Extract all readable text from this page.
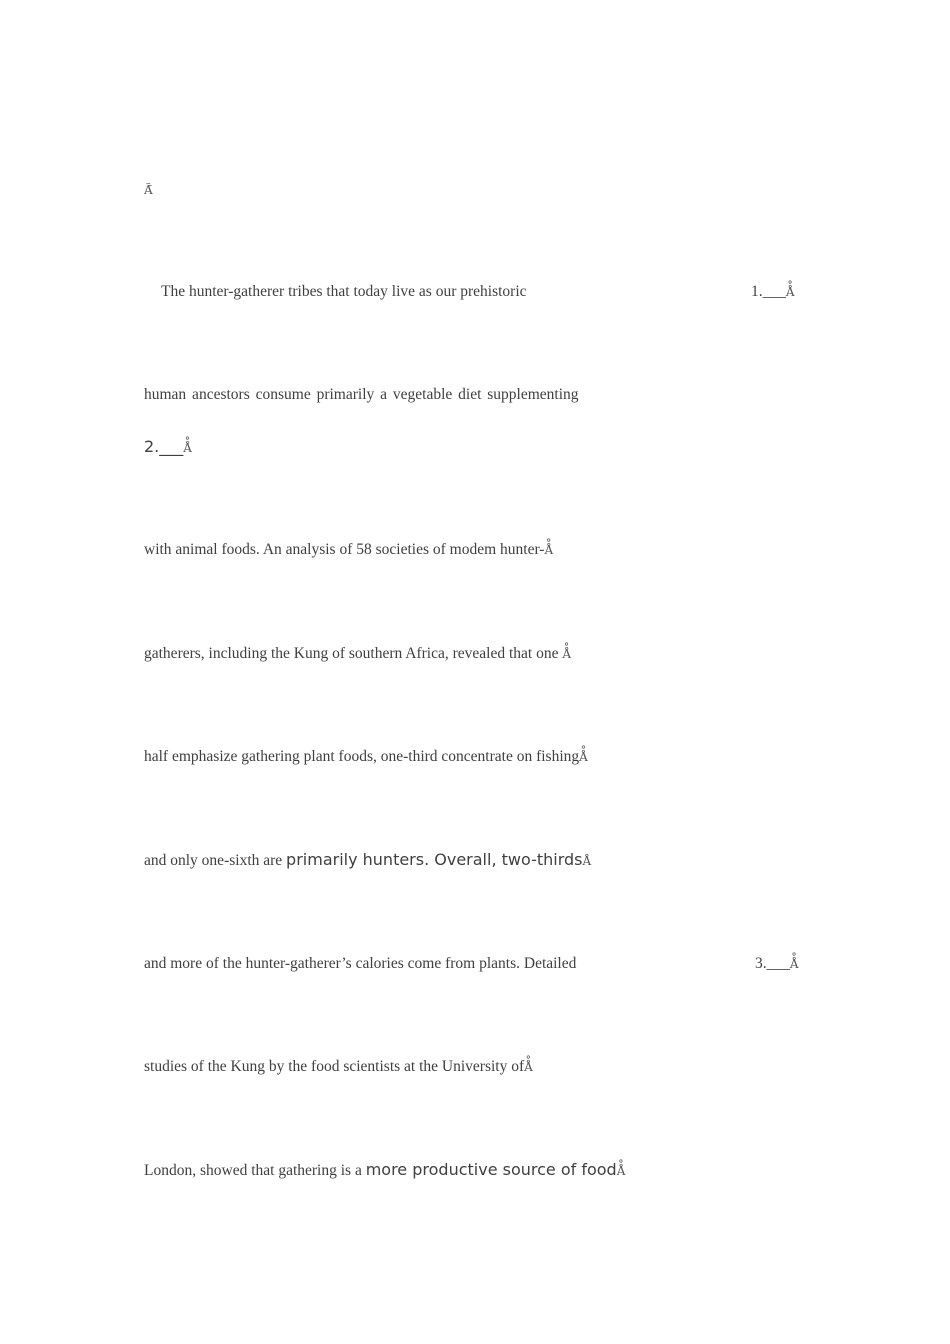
Ã̃
The hunter-gatherer tribes that today live as our prehistoric	1.___Å̊
human ancestors consume primarily a vegetable diet supplementing
2.___Å̊
with animal foods. An analysis of 58 societies of modem hunter-Å̊
gatherers, including the Kung of southern Africa, revealed that one Å̊
half emphasize gathering plant foods, one-third concentrate on fishingÅ̊
and only one-sixth are primarily hunters. Overall, two-thirdsÅ
and more of the hunter-gatherer’s calories come from plants. Detailed	3.___Å̊
studies of the Kung by the food scientists at the University ofÅ̊
London, showed that gathering is a more productive source of foodÅ̊
